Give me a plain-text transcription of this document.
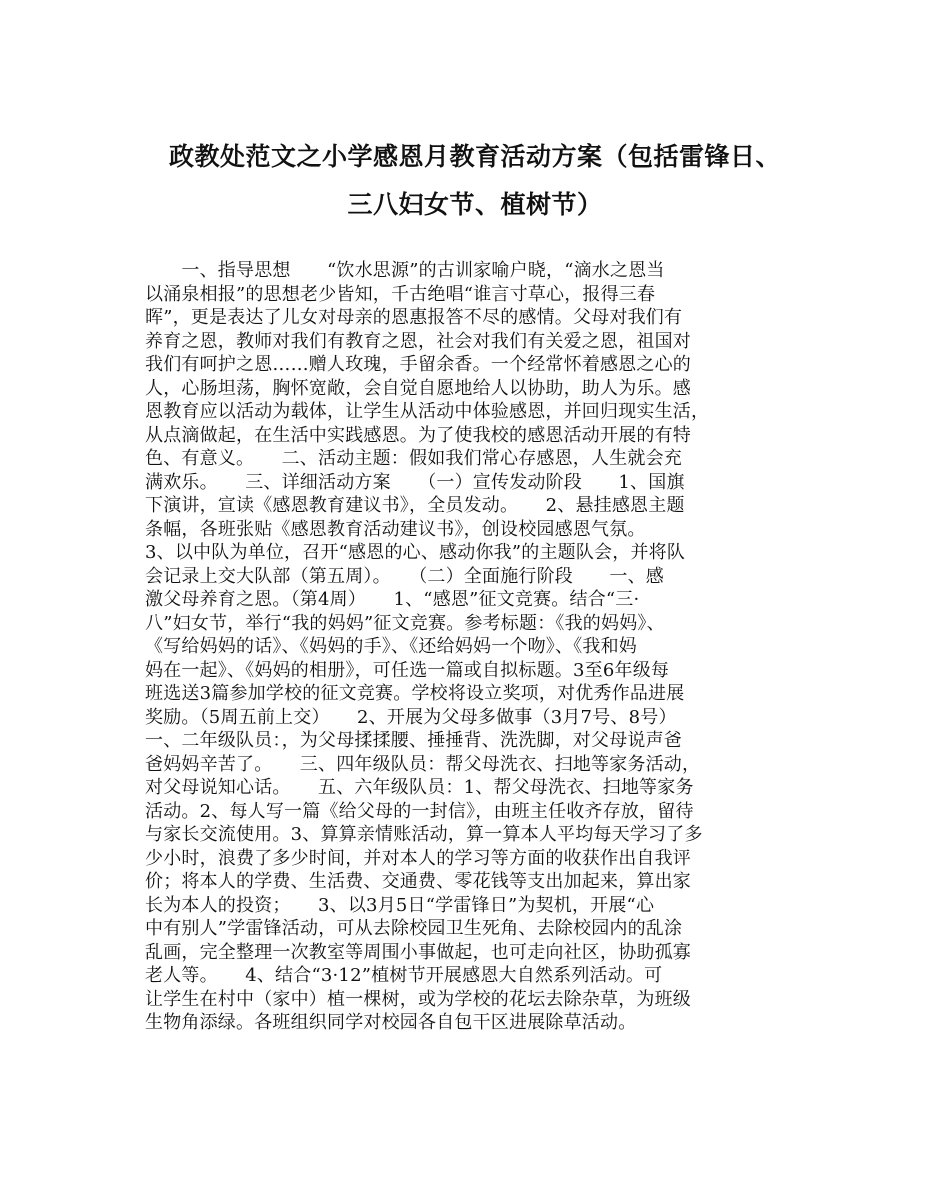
政教处范文之小学感恩月教育活动方案（包括雷锋日、
三八妇女节、植树节）
　　一、指导思想　　“饮水思源”的古训家喻户晓，“滴水之恩当
以涌泉相报”的思想老少皆知，千古绝唱“谁言寸草心，报得三春
晖”，更是表达了儿女对母亲的恩惠报答不尽的感情。父母对我们有
养育之恩，教师对我们有教育之恩，社会对我们有关爱之恩，祖国对
我们有呵护之恩……赠人玫瑰，手留余香。一个经常怀着感恩之心的
人，心肠坦荡，胸怀宽敞，会自觉自愿地给人以协助，助人为乐。感
恩教育应以活动为载体，让学生从活动中体验感恩，并回归现实生活，
从点滴做起，在生活中实践感恩。为了使我校的感恩活动开展的有特
色、有意义。　　二、活动主题：假如我们常心存感恩，人生就会充
满欢乐。　　三、详细活动方案　　（一）宣传发动阶段　　1、国旗
下演讲，宣读《感恩教育建议书》，全员发动。　　2、悬挂感恩主题
条幅，各班张贴《感恩教育活动建议书》，创设校园感恩气氛。　　
3、以中队为单位，召开“感恩的心、感动你我”的主题队会，并将队
会记录上交大队部（第五周）。　　（二）全面施行阶段　　一、感
激父母养育之恩。（第4周）　　1、“感恩”征文竞赛。结合“三·
八”妇女节，举行“我的妈妈”征文竞赛。参考标题：《我的妈妈》、
《写给妈妈的话》、《妈妈的手》、《还给妈妈一个吻》、《我和妈
妈在一起》、《妈妈的相册》，可任选一篇或自拟标题。3至6年级每
班选送3篇参加学校的征文竞赛。学校将设立奖项，对优秀作品进展
奖励。（5周五前上交）　　2、开展为父母多做事（3月7号、8号）
一、二年级队员：，为父母揉揉腰、捶捶背、洗洗脚，对父母说声爸
爸妈妈辛苦了。　　三、四年级队员：帮父母洗衣、扫地等家务活动，
对父母说知心话。　　五、六年级队员：1、帮父母洗衣、扫地等家务
活动。2、每人写一篇《给父母的一封信》，由班主任收齐存放，留待
与家长交流使用。3、算算亲情账活动，算一算本人平均每天学习了多
少小时，浪费了多少时间，并对本人的学习等方面的收获作出自我评
价；将本人的学费、生活费、交通费、零花钱等支出加起来，算出家
长为本人的投资；　　3、以3月5日“学雷锋日”为契机，开展“心
中有别人”学雷锋活动，可从去除校园卫生死角、去除校园内的乱涂
乱画，完全整理一次教室等周围小事做起，也可走向社区，协助孤寡
老人等。　　4、结合“3·12”植树节开展感恩大自然系列活动。可
让学生在村中（家中）植一棵树，或为学校的花坛去除杂草，为班级
生物角添绿。各班组织同学对校园各自包干区进展除草活动。
